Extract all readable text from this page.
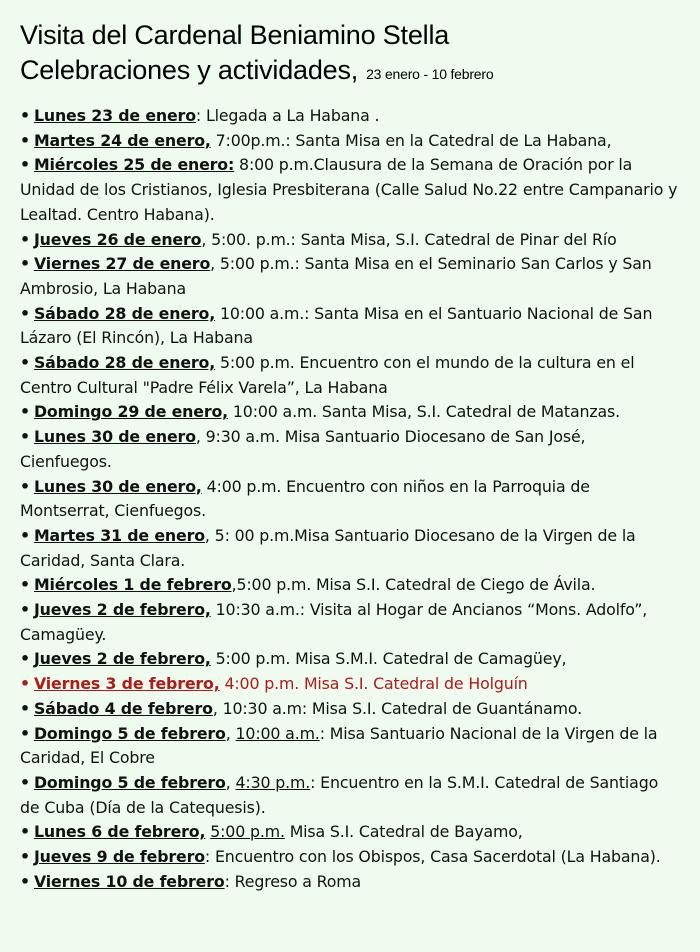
Visita del Cardenal Beniamino Stella
Celebraciones y actividades, 23 enero - 10 febrero
• Lunes 23 de enero: Llegada a La Habana .
• Martes 24 de enero, 7:00p.m.: Santa Misa en la Catedral de La Habana,
• Miércoles 25 de enero: 8:00 p.m.Clausura de la Semana de Oración por la Unidad de los Cristianos, Iglesia Presbiterana (Calle Salud No.22 entre Campanario y Lealtad. Centro Habana).
• Jueves 26 de enero, 5:00. p.m.: Santa Misa, S.I. Catedral de Pinar del Río
• Viernes 27 de enero, 5:00 p.m.: Santa Misa en el Seminario San Carlos y San Ambrosio, La Habana
• Sábado 28 de enero, 10:00 a.m.: Santa Misa en el Santuario Nacional de San Lázaro (El Rincón), La Habana
• Sábado 28 de enero, 5:00 p.m. Encuentro con el mundo de la cultura en el Centro Cultural "Padre Félix Varela”, La Habana
• Domingo 29 de enero, 10:00 a.m. Santa Misa, S.I. Catedral de Matanzas.
• Lunes 30 de enero, 9:30 a.m. Misa Santuario Diocesano de San José, Cienfuegos.
• Lunes 30 de enero, 4:00 p.m. Encuentro con niños en la Parroquia de Montserrat, Cienfuegos.
• Martes 31 de enero, 5: 00 p.m.Misa Santuario Diocesano de la Virgen de la Caridad, Santa Clara.
• Miércoles 1 de febrero,5:00 p.m. Misa S.I. Catedral de Ciego de Ávila.
• Jueves 2 de febrero, 10:30 a.m.: Visita al Hogar de Ancianos “Mons. Adolfo”, Camagüey.
• Jueves 2 de febrero, 5:00 p.m. Misa S.M.I. Catedral de Camagüey,
• Viernes 3 de febrero, 4:00 p.m. Misa S.I. Catedral de Holguín
• Sábado 4 de febrero, 10:30 a.m: Misa S.I. Catedral de Guantánamo.
• Domingo 5 de febrero, 10:00 a.m.: Misa Santuario Nacional de la Virgen de la Caridad, El Cobre
• Domingo 5 de febrero, 4:30 p.m.: Encuentro en la S.M.I. Catedral de Santiago de Cuba (Día de la Catequesis).
• Lunes 6 de febrero, 5:00 p.m. Misa S.I. Catedral de Bayamo,
• Jueves 9 de febrero: Encuentro con los Obispos, Casa Sacerdotal (La Habana).
• Viernes 10 de febrero: Regreso a Roma
